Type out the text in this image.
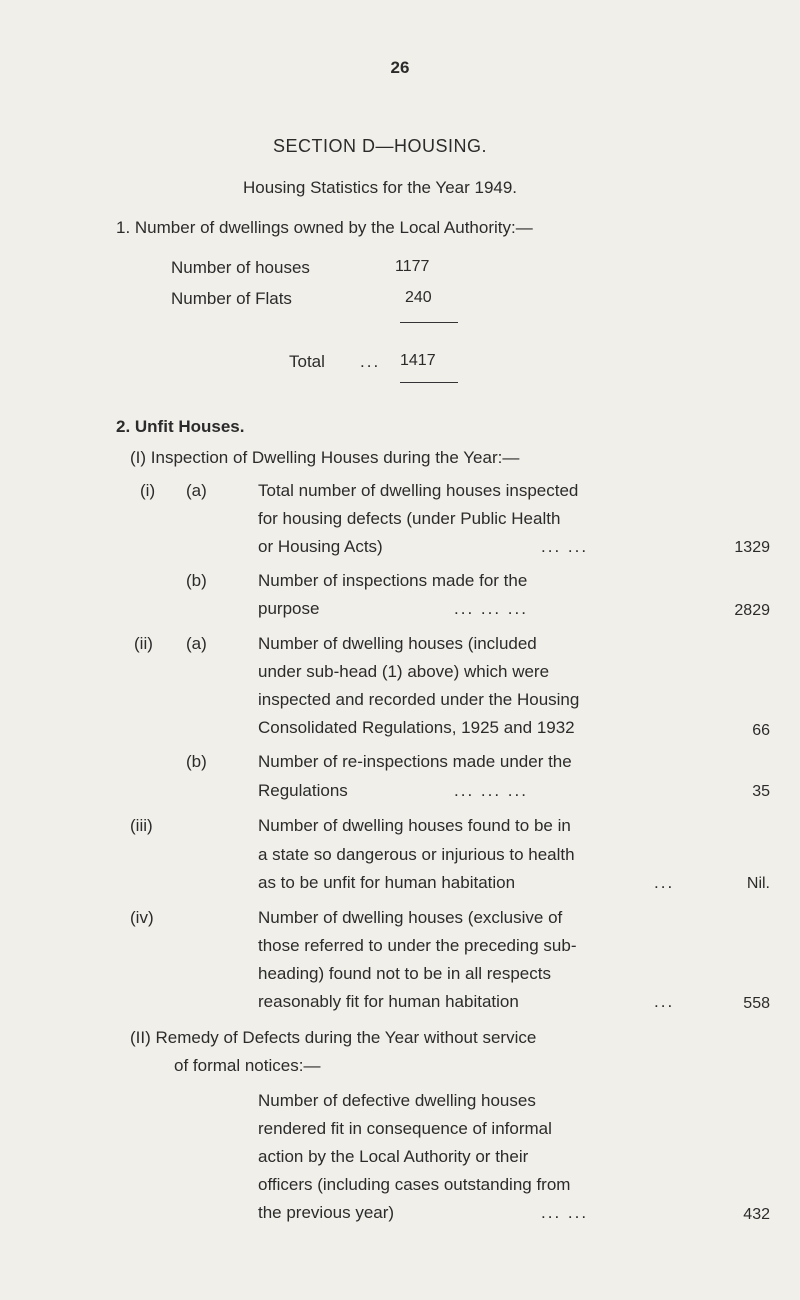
26
SECTION D—HOUSING.
Housing Statistics for the Year 1949.
1. Number of dwellings owned by the Local Authority:—
Number of houses	1177
Number of Flats	240
Total ... 1417
2. Unfit Houses.
(I) Inspection of Dwelling Houses during the Year:—
(i) (a)	Total number of dwelling houses inspected
for housing defects (under Public Health
or Housing Acts)	... ...	1329
(b)	Number of inspections made for the
purpose	... ... ...	2829
(ii) (a)	Number of dwelling houses (included
under sub-head (1) above) which were
inspected and recorded under the Housing
Consolidated Regulations, 1925 and 1932	66
(b)	Number of re-inspections made under the
Regulations	... ... ...	35
(iii)	Number of dwelling houses found to be in
a state so dangerous or injurious to health
as to be unfit for human habitation	...	Nil.
(iv)	Number of dwelling houses (exclusive of
those referred to under the preceding sub-
heading) found not to be in all respects
reasonably fit for human habitation	...	558
(II) Remedy of Defects during the Year without service
of formal notices:—
Number of defective dwelling houses
rendered fit in consequence of informal
action by the Local Authority or their
officers (including cases outstanding from
the previous year)	... ...	432
